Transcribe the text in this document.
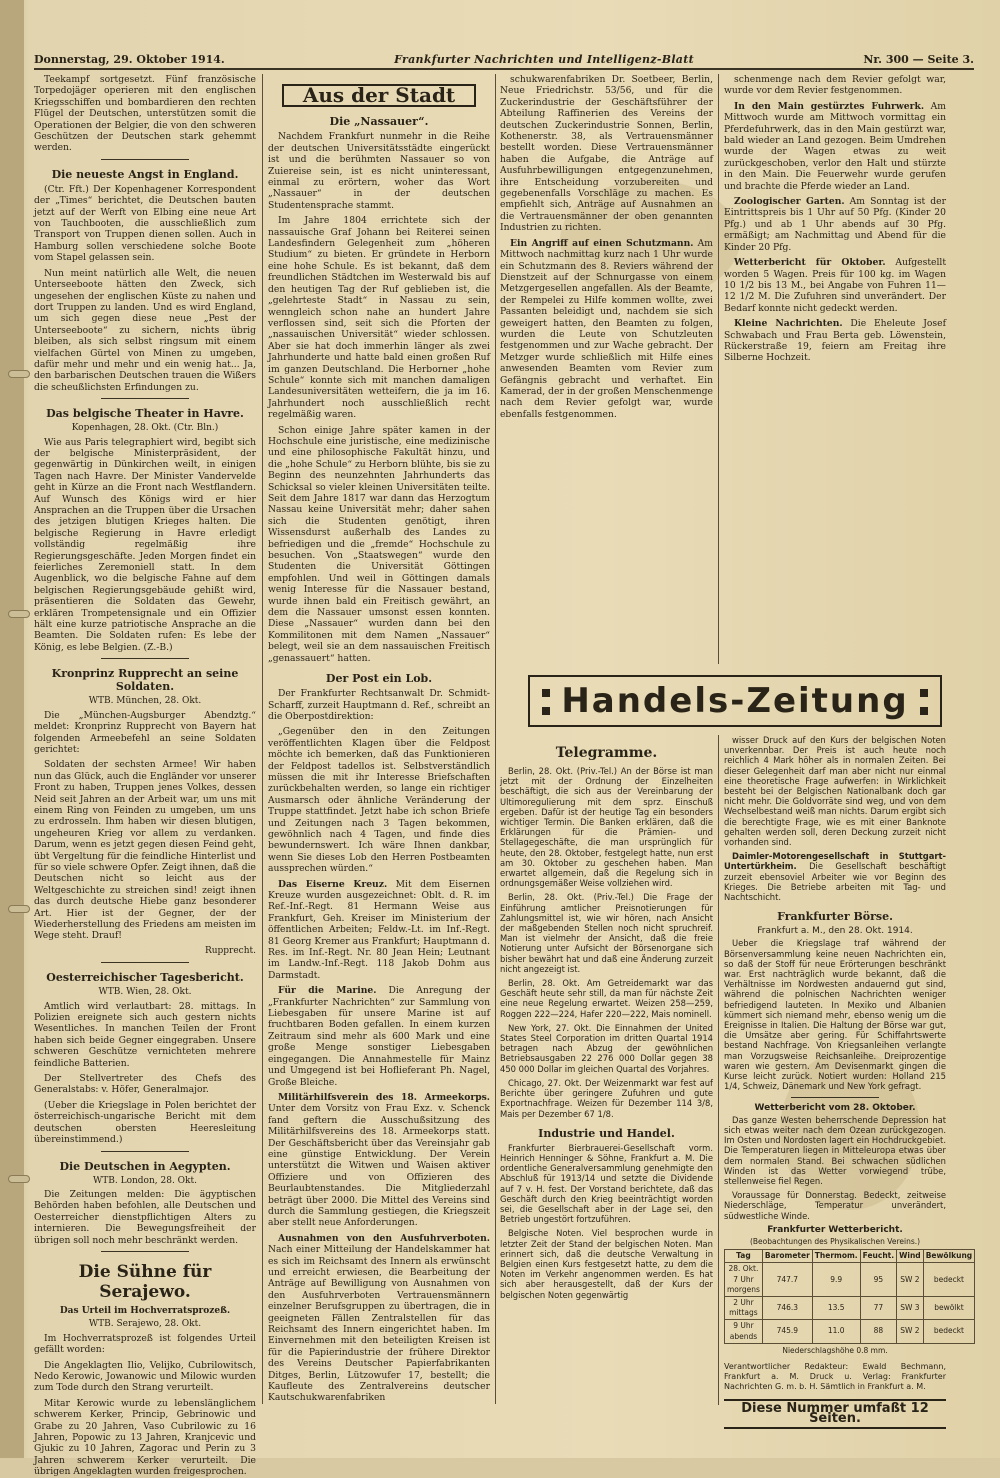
Donnerstag, 29. Oktober 1914.	Frankfurter Nachrichten und Intelligenz-Blatt	Nr. 300 — Seite 3.

Teekampf sortgesetzt. Fünf französische Torpedojäger operieren mit den englischen Kriegsschiffen und bombardieren den rechten Flügel der Deutschen, unterstützen somit die Operationen der Belgier, die von den schweren Geschützen der Deutschen stark gehemmt werden.

Die neueste Angst in England.

(Ctr. Fft.) Der Kopenhagener Korrespondent der „Times“ berichtet, die Deutschen bauten jetzt auf der Werft von Elbing eine neue Art von Tauchbooten, die ausschließlich zum Transport von Truppen dienen sollen. Auch in Hamburg sollen verschiedene solche Boote vom Stapel gelassen sein.

Nun meint natürlich alle Welt, die neuen Unterseeboote hätten den Zweck, sich ungesehen der englischen Küste zu nahen und dort Truppen zu landen. Und es wird England, um sich gegen diese neue „Pest der Unterseeboote“ zu sichern, nichts übrig bleiben, als sich selbst ringsum mit einem vielfachen Gürtel von Minen zu umgeben, dafür mehr und mehr und ein wenig hat... Ja, den barbarischen Deutschen trauen die Wißers die scheußlichsten Erfindungen zu.

Das belgische Theater in Havre.
Kopenhagen, 28. Okt. (Ctr. Bln.)

Wie aus Paris telegraphiert wird, begibt sich der belgische Ministerpräsident, der gegenwärtig in Dünkirchen weilt, in einigen Tagen nach Havre. Der Minister Vandervelde geht in Kürze an die Front nach Westflandern. Auf Wunsch des Königs wird er hier Ansprachen an die Truppen über die Ursachen des jetzigen blutigen Krieges halten. Die belgische Regierung in Havre erledigt vollständig regelmäßig ihre Regierungsgeschäfte. Jeden Morgen findet ein feierliches Zeremoniell statt. In dem Augenblick, wo die belgische Fahne auf dem belgischen Regierungsgebäude gehißt wird, präsentieren die Soldaten das Gewehr, erklären Trompetensignale und ein Offizier hält eine kurze patriotische Ansprache an die Beamten. Die Soldaten rufen: Es lebe der König, es lebe Belgien. (Z.-B.)

Kronprinz Rupprecht an seine Soldaten.
WTB. München, 28. Okt.

Die „München-Augsburger Abendztg.“ meldet: Kronprinz Rupprecht von Bayern hat folgenden Armeebefehl an seine Soldaten gerichtet:

Soldaten der sechsten Armee! Wir haben nun das Glück, auch die Engländer vor unserer Front zu haben, Truppen jenes Volkes, dessen Neid seit Jahren an der Arbeit war, um uns mit einem Ring von Feinden zu umgeben, um uns zu erdrosseln. Ihm haben wir diesen blutigen, ungeheuren Krieg vor allem zu verdanken. Darum, wenn es jetzt gegen diesen Feind geht, übt Vergeltung für die feindliche Hinterlist und für so viele schwere Opfer. Zeigt ihnen, daß die Deutschen nicht so leicht aus der Weltgeschichte zu streichen sind! zeigt ihnen das durch deutsche Hiebe ganz besonderer Art. Hier ist der Gegner, der der Wiederherstellung des Friedens am meisten im Wege steht. Drauf!

Rupprecht.
Oesterreichischer Tagesbericht.
WTB. Wien, 28. Okt.

Amtlich wird verlautbart: 28. mittags. In Polizien ereignete sich auch gestern nichts Wesentliches. In manchen Teilen der Front haben sich beide Gegner eingegraben. Unsere schweren Geschütze vernichteten mehrere feindliche Batterien.

Der Stellvertreter des Chefs des Generalstabs: v. Höfer, Generalmajor.

(Ueber die Kriegslage in Polen berichtet der österreichisch-ungarische Bericht mit dem deutschen obersten Heeresleitung übereinstimmend.)

Die Deutschen in Aegypten.
WTB. London, 28. Okt.

Die Zeitungen melden: Die ägyptischen Behörden haben befohlen, alle Deutschen und Oesterreicher dienstpflichtigen Alters zu internieren. Die Bewegungsfreiheit der übrigen soll noch mehr beschränkt werden.

Die Sühne für Serajewo.
Das Urteil im Hochverratsprozeß.
WTB. Serajewo, 28. Okt.

Im Hochverratsprozeß ist folgendes Urteil gefällt worden:

Die Angeklagten Ilio, Velijko, Cubrilowitsch, Nedo Kerowic, Jowanowic und Milowic wurden zum Tode durch den Strang verurteilt.

Mitar Kerowic wurde zu lebenslänglichem schwerem Kerker, Princip, Gebrinowic und Grabe zu 20 Jahren, Vaso Cubrilowic zu 16 Jahren, Popowic zu 13 Jahren, Kranjcevic und Gjukic zu 10 Jahren, Zagorac und Perin zu 3 Jahren schwerem Kerker verurteilt. Die übrigen Angeklagten wurden freigesprochen.

Aus der Stadt
Die „Nassauer“.

Nachdem Frankfurt nunmehr in die Reihe der deutschen Universitätsstädte eingerückt ist und die berühmten Nassauer so von Zuiereise sein, ist es nicht uninteressant, einmal zu erörtern, woher das Wort „Nassauer“ in der deutschen Studentensprache stammt.

Im Jahre 1804 errichtete sich der nassauische Graf Johann bei Reiterei seinen Landesfindern Gelegenheit zum „höheren Studium“ zu bieten. Er gründete in Herborn eine hohe Schule. Es ist bekannt, daß dem freundlichen Städtchen im Westerwald bis auf den heutigen Tag der Ruf geblieben ist, die „gelehrteste Stadt“ in Nassau zu sein, wenngleich schon nahe an hundert Jahre verflossen sind, seit sich die Pforten der „nassauischen Universität“ wieder schlossen. Aber sie hat doch immerhin länger als zwei Jahrhunderte und hatte bald einen großen Ruf im ganzen Deutschland. Die Herborner „hohe Schule“ konnte sich mit manchen damaligen Landesuniversitäten wetteifern, die ja im 16. Jahrhundert noch ausschließlich recht regelmäßig waren.

Schon einige Jahre später kamen in der Hochschule eine juristische, eine medizinische und eine philosophische Fakultät hinzu, und die „hohe Schule“ zu Herborn blühte, bis sie zu Beginn des neunzehnten Jahrhunderts das Schicksal so vieler kleinen Universitäten teilte. Seit dem Jahre 1817 war dann das Herzogtum Nassau keine Universität mehr; daher sahen sich die Studenten genötigt, ihren Wissensdurst außerhalb des Landes zu befriedigen und die „fremde“ Hochschule zu besuchen. Von „Staatswegen“ wurde den Studenten die Universität Göttingen empfohlen. Und weil in Göttingen damals wenig Interesse für die Nassauer bestand, wurde ihnen bald ein Freitisch gewährt, an dem die Nassauer umsonst essen konnten. Diese „Nassauer“ wurden dann bei den Kommilitonen mit dem Namen „Nassauer“ belegt, weil sie an dem nassauischen Freitisch „genassauert“ hatten.

Der Post ein Lob.

Der Frankfurter Rechtsanwalt Dr. Schmidt-Scharff, zurzeit Hauptmann d. Ref., schreibt an die Oberpostdirektion:

„Gegenüber den in den Zeitungen veröffentlichten Klagen über die Feldpost möchte ich bemerken, daß das Funktionieren der Feldpost tadellos ist. Selbstverständlich müssen die mit ihr Interesse Briefschaften zurückbehalten werden, so lange ein richtiger Ausmarsch oder ähnliche Veränderung der Truppe stattfindet. Jetzt habe ich schon Briefe und Zeitungen nach 3 Tagen bekommen, gewöhnlich nach 4 Tagen, und finde dies bewundernswert. Ich wäre Ihnen dankbar, wenn Sie dieses Lob den Herren Postbeamten aussprechen würden.“

Das Eiserne Kreuz. Mit dem Eisernen Kreuze wurden ausgezeichnet: Oblt. d. R. im Ref.-Inf.-Regt. 81 Hermann Weise aus Frankfurt, Geh. Kreiser im Ministerium der öffentlichen Arbeiten; Feldw.-Lt. im Inf.-Regt. 81 Georg Kremer aus Frankfurt; Hauptmann d. Res. im Inf.-Regt. Nr. 80 Jean Hein; Leutnant im Landw.-Inf.-Regt. 118 Jakob Dohm aus Darmstadt.

Für die Marine. Die Anregung der „Frankfurter Nachrichten“ zur Sammlung von Liebesgaben für unsere Marine ist auf fruchtbaren Boden gefallen. In einem kurzen Zeitraum sind mehr als 600 Mark und eine große Menge sonstiger Liebesgaben eingegangen. Die Annahmestelle für Mainz und Umgegend ist bei Hoflieferant Ph. Nagel, Große Bleiche.

Militärhilfsverein des 18. Armeekorps. Unter dem Vorsitz von Frau Exz. v. Schenck fand geftern die Ausschußsitzung des Militärhilfsvereins des 18. Armeekorps statt. Der Geschäftsbericht über das Vereinsjahr gab eine günstige Entwicklung. Der Verein unterstützt die Witwen und Waisen aktiver Offiziere und von Offizieren des Beurlaubtenstandes. Die Mitgliederzahl beträgt über 2000. Die Mittel des Vereins sind durch die Sammlung gestiegen, die Kriegszeit aber stellt neue Anforderungen.

Ausnahmen von den Ausfuhrverboten. Nach einer Mitteilung der Handelskammer hat es sich im Reichsamt des Innern als erwünscht und erreicht erwiesen, die Bearbeitung der Anträge auf Bewilligung von Ausnahmen von den Ausfuhrverboten Vertrauensmännern einzelner Berufsgruppen zu übertragen, die in geeigneten Fällen Zentralstellen für das Reichsamt des Innern eingerichtet haben. Im Einvernehmen mit den beteiligten Kreisen ist für die Papierindustrie der frühere Direktor des Vereins Deutscher Papierfabrikanten Ditges, Berlin, Lützowufer 17, bestellt; die Kaufleute des Zentralvereins deutscher Kautschukwarenfabriken

schukwarenfabriken Dr. Soetbeer, Berlin, Neue Friedrichstr. 53/56, und für die Zuckerindustrie der Geschäftsführer der Abteilung Raffinerien des Vereins der deutschen Zuckerindustrie Sonnen, Berlin, Kothenerstr. 38, als Vertrauensmänner bestellt worden. Diese Vertrauensmänner haben die Aufgabe, die Anträge auf Ausfuhrbewilligungen entgegenzunehmen, ihre Entscheidung vorzubereiten und gegebenenfalls Vorschläge zu machen. Es empfiehlt sich, Anträge auf Ausnahmen an die Vertrauensmänner der oben genannten Industrien zu richten.

Ein Angriff auf einen Schutzmann. Am Mittwoch nachmittag kurz nach 1 Uhr wurde ein Schutzmann des 8. Reviers während der Dienstzeit auf der Schnurgasse von einem Metzgergesellen angefallen. Als der Beamte, der Rempelei zu Hilfe kommen wollte, zwei Passanten beleidigt und, nachdem sie sich geweigert hatten, den Beamten zu folgen, wurden die Leute von Schutzleuten festgenommen und zur Wache gebracht. Der Metzger wurde schließlich mit Hilfe eines anwesenden Beamten vom Revier zum Gefängnis gebracht und verhaftet. Ein Kamerad, der in der großen Menschenmenge nach dem Revier gefolgt war, wurde ebenfalls festgenommen.

schenmenge nach dem Revier gefolgt war, wurde vor dem Revier festgenommen.

In den Main gestürztes Fuhrwerk. Am Mittwoch wurde am Mittwoch vormittag ein Pferdefuhrwerk, das in den Main gestürzt war, bald wieder an Land gezogen. Beim Umdrehen wurde der Wagen etwas zu weit zurückgeschoben, verlor den Halt und stürzte in den Main. Die Feuerwehr wurde gerufen und brachte die Pferde wieder an Land.

Zoologischer Garten. Am Sonntag ist der Eintrittspreis bis 1 Uhr auf 50 Pfg. (Kinder 20 Pfg.) und ab 1 Uhr abends auf 30 Pfg. ermäßigt; am Nachmittag und Abend für die Kinder 20 Pfg.

Wetterbericht für Oktober. Aufgestellt worden 5 Wagen. Preis für 100 kg. im Wagen 10 1/2 bis 13 M., bei Angabe von Fuhren 11—12 1/2 M. Die Zufuhren sind unverändert. Der Bedarf konnte nicht gedeckt werden.

Kleine Nachrichten. Die Eheleute Josef Schwabach und Frau Berta geb. Löwenstein, Rückerstraße 19, feiern am Freitag ihre Silberne Hochzeit.

Handels-Zeitung
Telegramme.

Berlin, 28. Okt. (Priv.-Tel.) An der Börse ist man jetzt mit der Ordnung der Einzelheiten beschäftigt, die sich aus der Vereinbarung der Ultimoregulierung mit dem sprz. Einschuß ergeben. Dafür ist der heutige Tag ein besonders wichtiger Termin. Die Banken erklären, daß die Erklärungen für die Prämien- und Stellagegeschäfte, die man ursprünglich für heute, den 28. Oktober, festgelegt hatte, nun erst am 30. Oktober zu geschehen haben. Man erwartet allgemein, daß die Regelung sich in ordnungsgemäßer Weise vollziehen wird.

Berlin, 28. Okt. (Priv.-Tel.) Die Frage der Einführung amtlicher Preisnotierungen für Zahlungsmittel ist, wie wir hören, nach Ansicht der maßgebenden Stellen noch nicht spruchreif. Man ist vielmehr der Ansicht, daß die freie Notierung unter Aufsicht der Börsenorgane sich bisher bewährt hat und daß eine Änderung zurzeit nicht angezeigt ist.

Berlin, 28. Okt. Am Getreidemarkt war das Geschäft heute sehr still, da man für nächste Zeit eine neue Regelung erwartet. Weizen 258—259, Roggen 222—224, Hafer 220—222, Mais nominell.

New York, 27. Okt. Die Einnahmen der United States Steel Corporation im dritten Quartal 1914 betragen nach Abzug der gewöhnlichen Betriebsausgaben 22 276 000 Dollar gegen 38 450 000 Dollar im gleichen Quartal des Vorjahres.

Chicago, 27. Okt. Der Weizenmarkt war fest auf Berichte über geringere Zufuhren und gute Exportnachfrage. Weizen für Dezember 114 3/8, Mais per Dezember 67 1/8.

Industrie und Handel.

Frankfurter Bierbrauerei-Gesellschaft vorm. Heinrich Henninger & Söhne, Frankfurt a. M. Die ordentliche Generalversammlung genehmigte den Abschluß für 1913/14 und setzte die Dividende auf 7 v. H. fest. Der Vorstand berichtete, daß das Geschäft durch den Krieg beeinträchtigt worden sei, die Gesellschaft aber in der Lage sei, den Betrieb ungestört fortzuführen.

Belgische Noten. Viel besprochen wurde in letzter Zeit der Stand der belgischen Noten. Man erinnert sich, daß die deutsche Verwaltung in Belgien einen Kurs festgesetzt hatte, zu dem die Noten im Verkehr angenommen werden. Es hat sich aber herausgestellt, daß der Kurs der belgischen Noten gegenwärtig

wisser Druck auf den Kurs der belgischen Noten unverkennbar. Der Preis ist auch heute noch reichlich 4 Mark höher als in normalen Zeiten. Bei dieser Gelegenheit darf man aber nicht nur einmal eine theoretische Frage aufwerfen: in Wirklichkeit besteht bei der Belgischen Nationalbank doch gar nicht mehr. Die Goldvorräte sind weg, und von dem Wechselbestand weiß man nichts. Darum ergibt sich die berechtigte Frage, wie es mit einer Banknote gehalten werden soll, deren Deckung zurzeit nicht vorhanden sind.

Daimler-Motorengesellschaft in Stuttgart-Untertürkheim. Die Gesellschaft beschäftigt zurzeit ebensoviel Arbeiter wie vor Beginn des Krieges. Die Betriebe arbeiten mit Tag- und Nachtschicht.

Frankfurter Börse.
Frankfurt a. M., den 28. Okt. 1914.

Ueber die Kriegslage traf während der Börsenversammlung keine neuen Nachrichten ein, so daß der Stoff für neue Erörterungen beschränkt war. Erst nachträglich wurde bekannt, daß die Verhältnisse im Nordwesten andauernd gut sind, während die polnischen Nachrichten weniger befriedigend lauteten. In Mexiko und Albanien kümmert sich niemand mehr, ebenso wenig um die Ereignisse in Italien. Die Haltung der Börse war gut, die Umsätze aber gering. Für Schiffahrtswerte bestand Nachfrage. Von Kriegsanleihen verlangte man Vorzugsweise Reichsanleihe. Dreiprozentige waren wie gestern. Am Devisenmarkt gingen die Kurse leicht zurück. Notiert wurden: Holland 215 1/4, Schweiz, Dänemark und New York gefragt.

Wetterbericht vom 28. Oktober.

Das ganze Westen beherrschende Depression hat sich etwas weiter nach dem Ozean zurückgezogen. Im Osten und Nordosten lagert ein Hochdruckgebiet. Die Temperaturen liegen in Mitteleuropa etwas über dem normalen Stand. Bei schwachen südlichen Winden ist das Wetter vorwiegend trübe, stellenweise fiel Regen.

Voraussage für Donnerstag. Bedeckt, zeitweise Niederschläge, Temperatur unverändert, südwestliche Winde.

Frankfurter Wetterbericht.
(Beobachtungen des Physikalischen Vereins.)
Tag	Barometer	Thermom.	Feucht.	Wind	Bewölkung
28. Okt. 7 Uhr morgens	747.7	9.9	95	SW 2	bedeckt
2 Uhr mittags	746.3	13.5	77	SW 3	bewölkt
9 Uhr abends	745.9	11.0	88	SW 2	bedeckt
Niederschlagshöhe 0.8 mm.

Verantwortlicher Redakteur: Ewald Bechmann, Frankfurt a. M. Druck u. Verlag: Frankfurter Nachrichten G. m. b. H. Sämtlich in Frankfurt a. M.

Diese Nummer umfaßt 12 Seiten.
